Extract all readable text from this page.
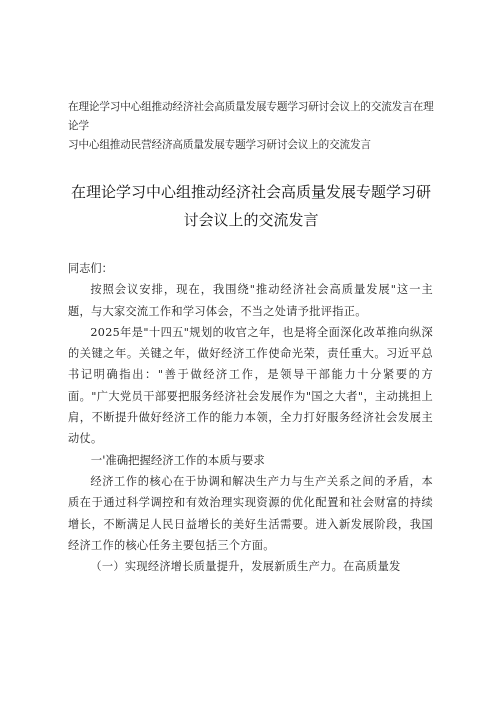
在理论学习中心组推动经济社会高质量发展专题学习研讨会议上的交流发言在理论学
习中心组推动民营经济高质量发展专题学习研讨会议上的交流发言
在理论学习中心组推动经济社会高质量发展专题学习研
讨会议上的交流发言

同志们：

按照会议安排，现在，我围绕"推动经济社会高质量发展"这一主题，与大家交流工作和学习体会，不当之处请予批评指正。

2025年是"十四五"规划的收官之年，也是将全面深化改革推向纵深的关键之年。关键之年，做好经济工作使命光荣，责任重大。习近平总书记明确指出："善于做经济工作，是领导干部能力十分紧要的方面。"广大党员干部要把服务经济社会发展作为"国之大者"，主动挑担上肩，不断提升做好经济工作的能力本领，全力打好服务经济社会发展主动仗。

一'准确把握经济工作的本质与要求

经济工作的核心在于协调和解决生产力与生产关系之间的矛盾，本质在于通过科学调控和有效治理实现资源的优化配置和社会财富的持续增长，不断满足人民日益增长的美好生活需要。进入新发展阶段，我国经济工作的核心任务主要包括三个方面。

（一）实现经济增长质量提升，发展新质生产力。在高质量发
